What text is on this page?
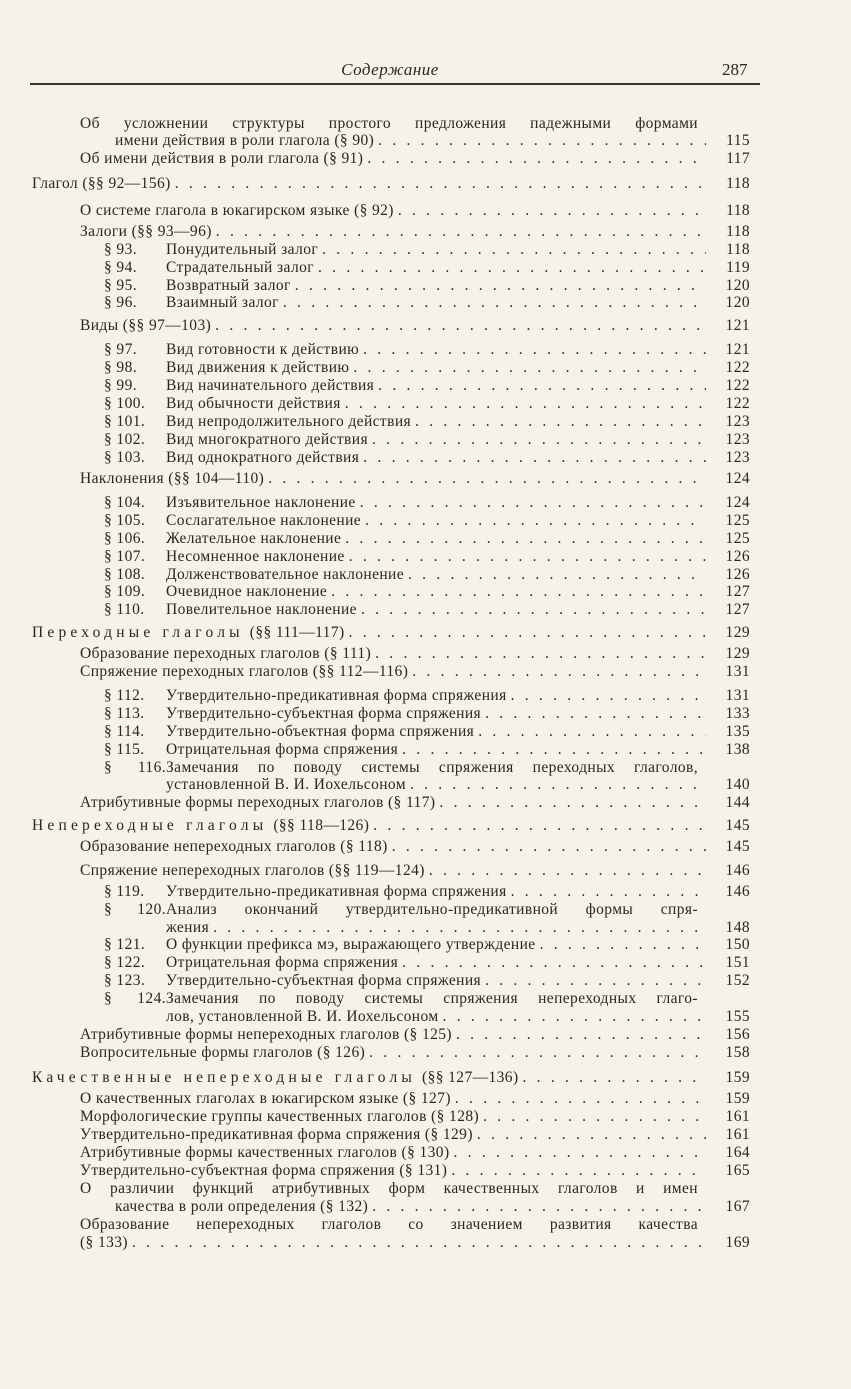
Содержание	287
Об усложнении структуры простого предложения падежными формами
имени действия в роли глагола (§ 90) . . .	115
Об имени действия в роли глагола (§ 91) . . .	117
Глагол (§§ 92—156) . . .	118
О системе глагола в юкагирском языке (§ 92) . . .	118
Залоги (§§ 93—96) . . .	118
§ 93.	Понудительный залог . . .	118
§ 94.	Страдательный залог . . .	119
§ 95.	Возвратный залог . . .	120
§ 96.	Взаимный залог . . .	120
Виды (§§ 97—103) . . .	121
§ 97.	Вид готовности к действию . . .	121
§ 98.	Вид движения к действию . . .	122
§ 99.	Вид начинательного действия . . .	122
§ 100.	Вид обычности действия . . .	122
§ 101.	Вид непродолжительного действия . . .	123
§ 102.	Вид многократного действия . . .	123
§ 103.	Вид однократного действия . . .	123
Наклонения (§§ 104—110) . . .	124
§ 104.	Изъявительное наклонение . . .	124
§ 105.	Сослагательное наклонение . . .	125
§ 106.	Желательное наклонение . . .	125
§ 107.	Несомненное наклонение . . .	126
§ 108.	Долженствовательное наклонение . . .	126
§ 109.	Очевидное наклонение . . .	127
§ 110.	Повелительное наклонение . . .	127
Переходные глаголы (§§ 111—117) . . .	129
Образование переходных глаголов (§ 111) . . .	129
Спряжение переходных глаголов (§§ 112—116) . . .	131
§ 112.	Утвердительно-предикативная форма спряжения . . .	131
§ 113.	Утвердительно-субъектная форма спряжения . . .	133
§ 114.	Утвердительно-объектная форма спряжения . . .	135
§ 115.	Отрицательная форма спряжения . . .	138
§ 116.Замечания по поводу системы спряжения переходных глаголов,
установленной В. И. Иохельсоном . . .	140
Атрибутивные формы переходных глаголов (§ 117) . . .	144
Непереходные глаголы (§§ 118—126) . . .	145
Образование непереходных глаголов (§ 118) . . .	145
Спряжение непереходных глаголов (§§ 119—124) . . .	146
§ 119.	Утвердительно-предикативная форма спряжения . . .	146
§ 120.Анализ окончаний утвердительно-предикативной формы спря-
жения . . .	148
§ 121.	О функции префикса мэ, выражающего утверждение . . .	150
§ 122.	Отрицательная форма спряжения . . .	151
§ 123.	Утвердительно-субъектная форма спряжения . . .	152
§ 124.Замечания по поводу системы спряжения непереходных глаго-
лов, установленной В. И. Иохельсоном . . .	155
Атрибутивные формы непереходных глаголов (§ 125) . . .	156
Вопросительные формы глаголов (§ 126) . . .	158
Качественные непереходные глаголы (§§ 127—136) . . .	159
О качественных глаголах в юкагирском языке (§ 127) . . .	159
Морфологические группы качественных глаголов (§ 128) . . .	161
Утвердительно-предикативная форма спряжения (§ 129) . . .	161
Атрибутивные формы качественных глаголов (§ 130) . . .	164
Утвердительно-субъектная форма спряжения (§ 131) . . .	165
О различии функций атрибутивных форм качественных глаголов и имен
качества в роли определения (§ 132) . . .	167
Образование непереходных глаголов со значением развития качества
(§ 133) . . .	169
